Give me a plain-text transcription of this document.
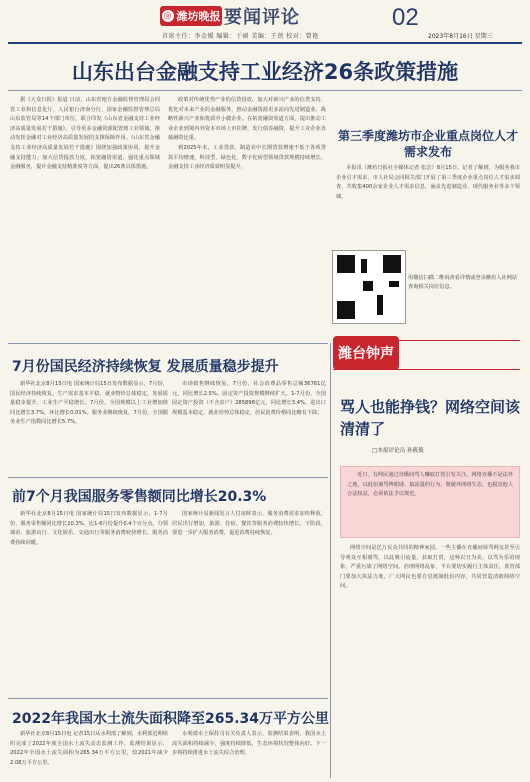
◎ 潍坊晚报 要闻评论	02
首席主任：李金媛 编辑：于硕 美编：王蓓 校对：曾艳	2023年8月16日 星期三
山东出台金融支持工业经济26条政策措施

据《大众日报》报道 日前，山东省地方金融监督管理局会同省工业和信息化厅、人民银行济南分行、国家金融监督管理总局山东监管局等14个部门单位，联合印发《山东省金融支持工业经济高质量发展若干措施》，引导更多金融资源配置到工业领域，推动发挥金融对工业经济高质量发展的支撑保障作用。《山东省金融支持工业经济高质量发展若干措施》围绕加强政策协同，提升金融支持能力；加大信贷投放力度，拓宽融资渠道，强化重点领域金融服务，提升金融支持精准度等方面，提出26条具体措施。

政策对传统优势产业的信贷投放，加大对新兴产业的信贷支持，优化对未来产业的金融服务，推动金融资源更多流向先进制造业、战略性新兴产业和优质中小微企业。在拓宽融资渠道方面，提出推动工业企业到境内外资本市场上市挂牌、发行债券融资，提升工业企业直接融资比重。

到2025年末，工业贷款、制造业中长期贷款增速不低于各项贷款平均增速，科技型、绿色化、数字化转型领域贷款规模持续增长，金融支持工业经济质效明显提升。

第三季度潍坊市企业重点岗位人才需求发布

本报讯（潍坊日报社全媒体记者 张洁）8月15日，记者了解到，为服务我市企业引才需求，市人社局会同相关部门开展了第三季度企业重点岗位人才需求调查，共收集400余家企业人才需求信息，涵盖先进制造业、现代服务业等多个领域。

用微信扫描二维码查看详情或登录潍坊人社网站查询相关岗位信息。
7月份国民经济持续恢复 发展质量稳步提升

新华社北京8月15日电 国家统计局15日发布数据显示，7月份，国民经济持续恢复，生产需求基本平稳，就业物价总体稳定，发展质量稳步提升。工业生产平稳增长。7月份，全国规模以上工业增加值同比增长3.7%，环比增长0.01%。服务业继续恢复。7月份，全国服务业生产指数同比增长5.7%。

市场销售继续恢复。7月份，社会消费品零售总额36761亿元，同比增长2.5%。固定资产投资规模继续扩大。1-7月份，全国固定资产投资（不含农户）285898亿元，同比增长3.4%。进出口规模基本稳定，就业形势总体稳定，居民消费价格同比略有下降。

前7个月我国服务零售额同比增长20.3%

新华社北京8月15日电 国家统计局15日发布数据显示，1-7月份，服务零售额同比增长20.3%，比1-6月份提升0.4个百分点。分领域看，旅游出行、文化娱乐、交通出行等服务消费较快增长，服务消费持续回暖。

国家统计局新闻发言人付凌晖表示，服务消费需求加快释放，居民出行增加，旅游、住宿、餐饮等服务消费较快增长。下阶段，要进一步扩大服务消费，促进消费持续恢复。

2022年我国水土流失面积降至265.34万平方公里

新华社北京8月15日电 记者15日从水利部了解到，水利部近期组织完成了2022年度全国水土流失动态监测工作。监测结果显示，2022年全国水土流失面积为265.34万平方公里，较2021年减少2.08万平方公里。

水利部水土保持司有关负责人表示，监测结果表明，我国水土流失面积持续减少、强度持续降低，生态环境状况整体向好。下一步将持续推进水土流失综合治理。

潍台钟声
骂人也能挣钱？网络空间该清清了
□本报评论员 孙筱筱

近日，有网民通过直播间骂人赚取打赏引发关注。网络直播不是法外之地，以低俗谩骂博眼球、搞流量的行为，既破坏网络生态，也损害他人合法权益，必须依法予以规范。

网络空间是亿万民众共同的精神家园。一些主播在直播间辱骂网友甚至引导观众互相谩骂，以此吸引流量、获取打赏，这种以丑为美、以骂为乐的现象，严重污染了网络空间。治理网络乱象，平台要切实履行主体责任，监管部门要加大执法力度，广大网民也要自觉抵制低俗内容，共同营造清朗网络空间。
